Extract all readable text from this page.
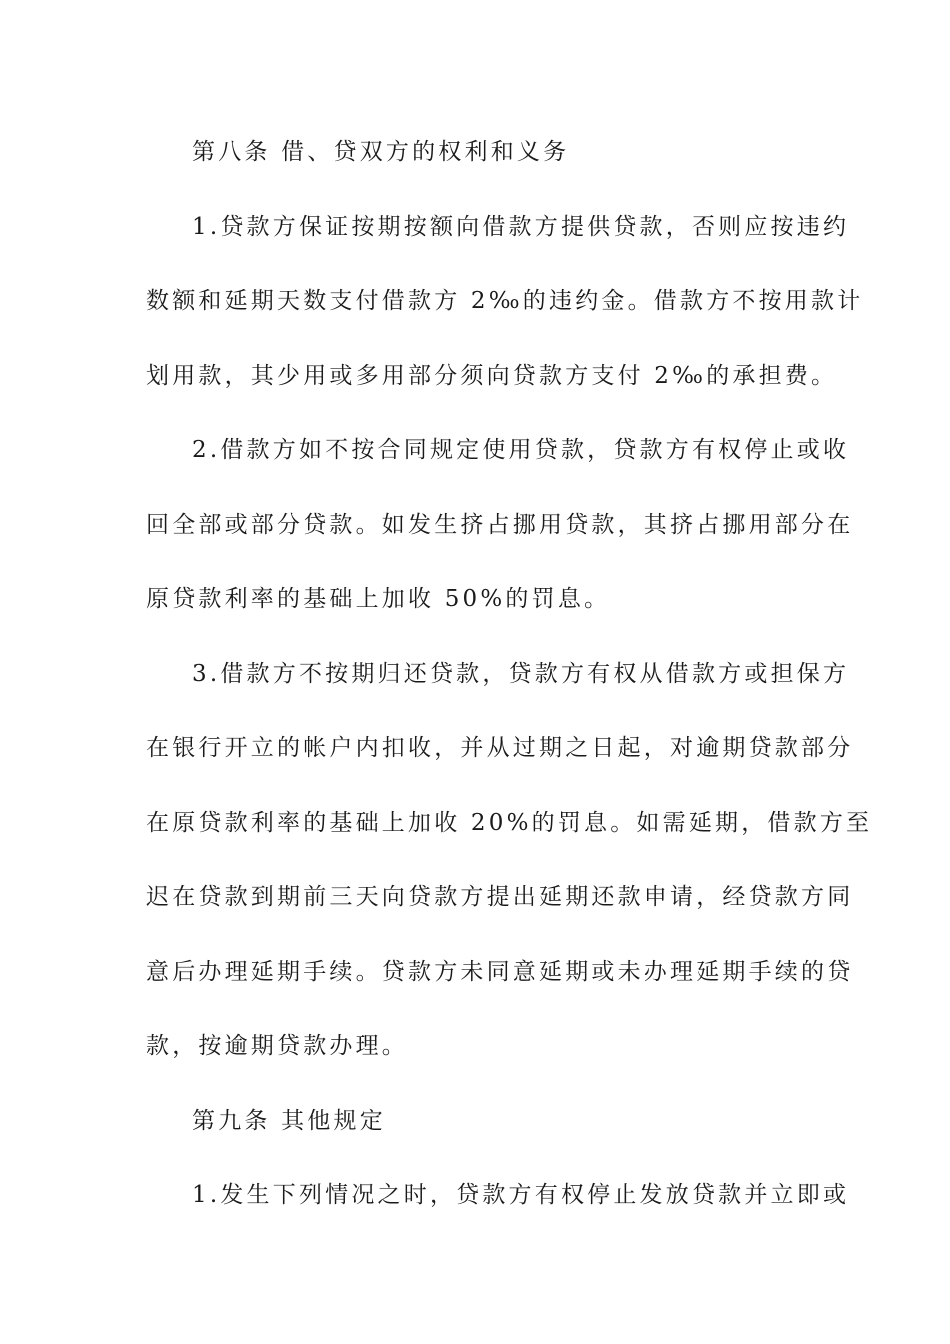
第八条 借、贷双方的权利和义务
1.贷款方保证按期按额向借款方提供贷款，否则应按违约
数额和延期天数支付借款方 2‰的违约金。借款方不按用款计
划用款，其少用或多用部分须向贷款方支付 2‰的承担费。
2.借款方如不按合同规定使用贷款，贷款方有权停止或收
回全部或部分贷款。如发生挤占挪用贷款，其挤占挪用部分在
原贷款利率的基础上加收 50%的罚息。
3.借款方不按期归还贷款，贷款方有权从借款方或担保方
在银行开立的帐户内扣收，并从过期之日起，对逾期贷款部分
在原贷款利率的基础上加收 20%的罚息。如需延期，借款方至
迟在贷款到期前三天向贷款方提出延期还款申请，经贷款方同
意后办理延期手续。贷款方未同意延期或未办理延期手续的贷
款，按逾期贷款办理。
第九条 其他规定
1.发生下列情况之时，贷款方有权停止发放贷款并立即或
